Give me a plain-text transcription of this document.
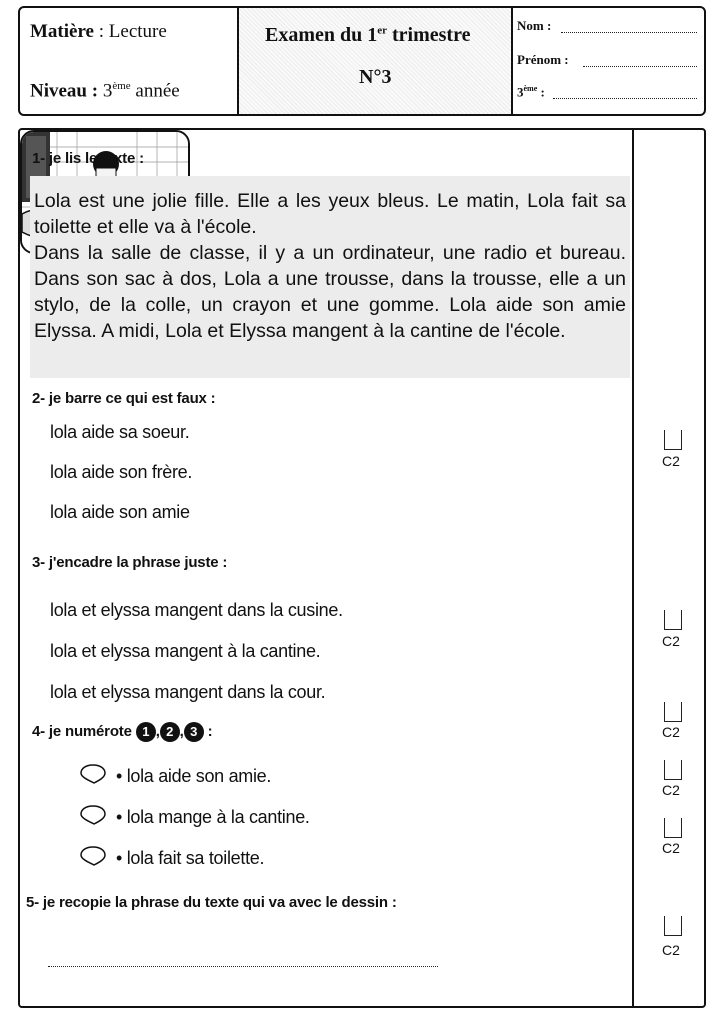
Matière : Lecture
Niveau : 3ème année
Examen du 1er trimestre
N°3
Nom :
Prénom :
3ème :
1- je lis le texte :
Lola est une jolie fille. Elle a les yeux bleus. Le matin, Lola fait sa toilette et elle va à l'école.
Dans la salle de classe, il y a un ordinateur, une radio et bureau. Dans son sac à dos, Lola a une trousse, dans la trousse, elle a un stylo, de la colle, un crayon et une gomme. Lola aide son amie Elyssa. A midi, Lola et Elyssa mangent à la cantine de l'école.
2- je barre ce qui est faux :
lola aide sa soeur.
lola aide son frère.
lola aide son amie
3- j'encadre la phrase juste :
lola et elyssa mangent dans la cusine.
lola et elyssa mangent à la cantine.
lola et elyssa mangent dans la cour.
4- je numérote 1 , 2 , 3 :
• lola aide son amie.
• lola mange à la cantine.
• lola fait sa toilette.
5- je recopie la phrase du texte qui va avec le dessin :
C2
C2
C2
C2
C2
C2
